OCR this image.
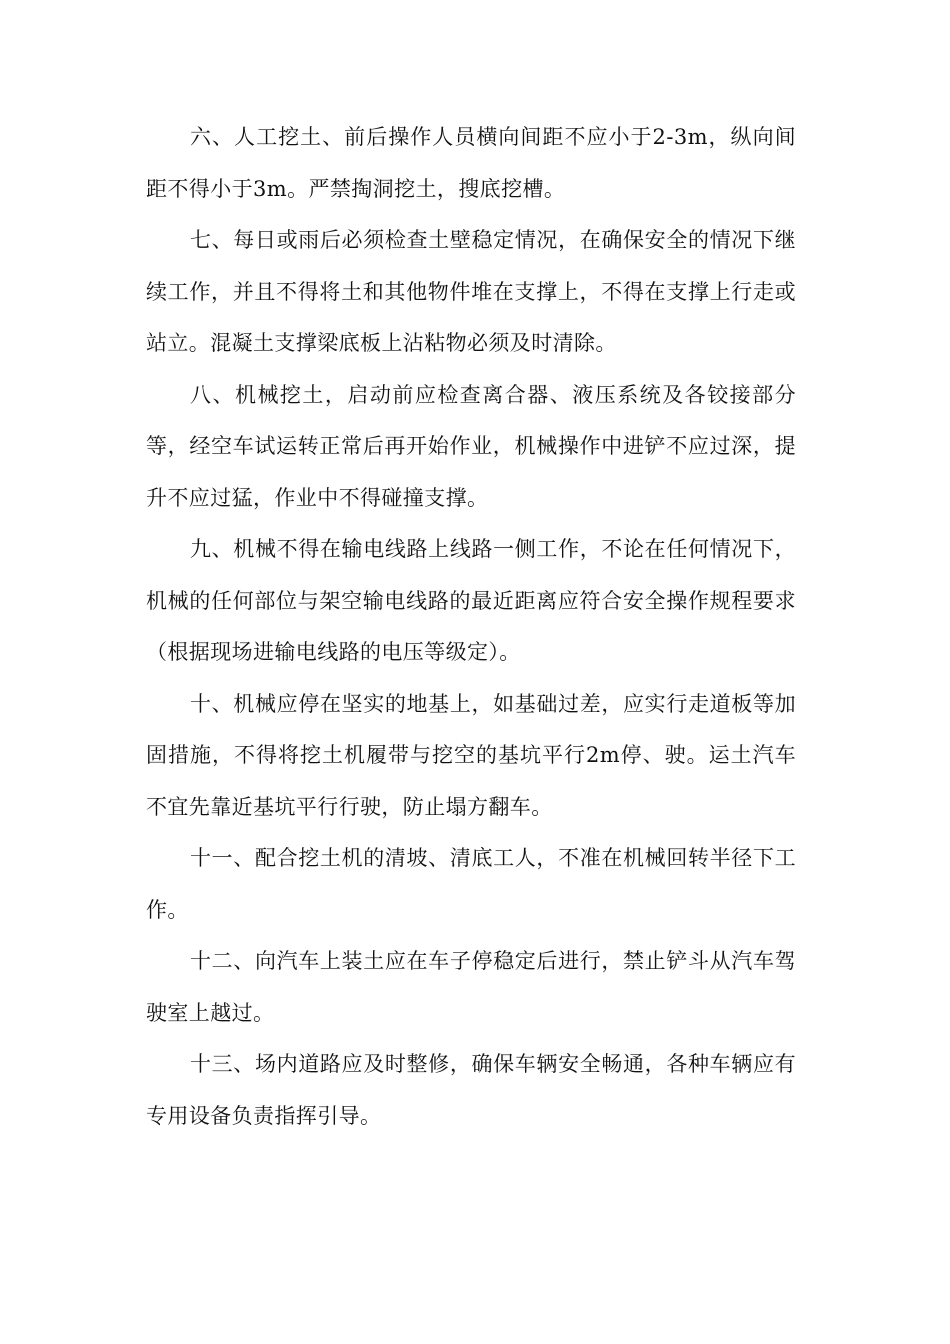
六、人工挖土、前后操作人员横向间距不应小于2-3m，纵向间距不得小于3m。严禁掏洞挖土，搜底挖槽。

七、每日或雨后必须检查土壁稳定情况，在确保安全的情况下继续工作，并且不得将土和其他物件堆在支撑上，不得在支撑上行走或站立。混凝土支撑梁底板上沾粘物必须及时清除。

八、机械挖土，启动前应检查离合器、液压系统及各铰接部分等，经空车试运转正常后再开始作业，机械操作中进铲不应过深，提升不应过猛，作业中不得碰撞支撑。

九、机械不得在输电线路上线路一侧工作，不论在任何情况下，机械的任何部位与架空输电线路的最近距离应符合安全操作规程要求（根据现场进输电线路的电压等级定）。

十、机械应停在坚实的地基上，如基础过差，应实行走道板等加固措施，不得将挖土机履带与挖空的基坑平行2m停、驶。运土汽车不宜先靠近基坑平行行驶，防止塌方翻车。

十一、配合挖土机的清坡、清底工人，不准在机械回转半径下工作。

十二、向汽车上装土应在车子停稳定后进行，禁止铲斗从汽车驾驶室上越过。

十三、场内道路应及时整修，确保车辆安全畅通，各种车辆应有专用设备负责指挥引导。
